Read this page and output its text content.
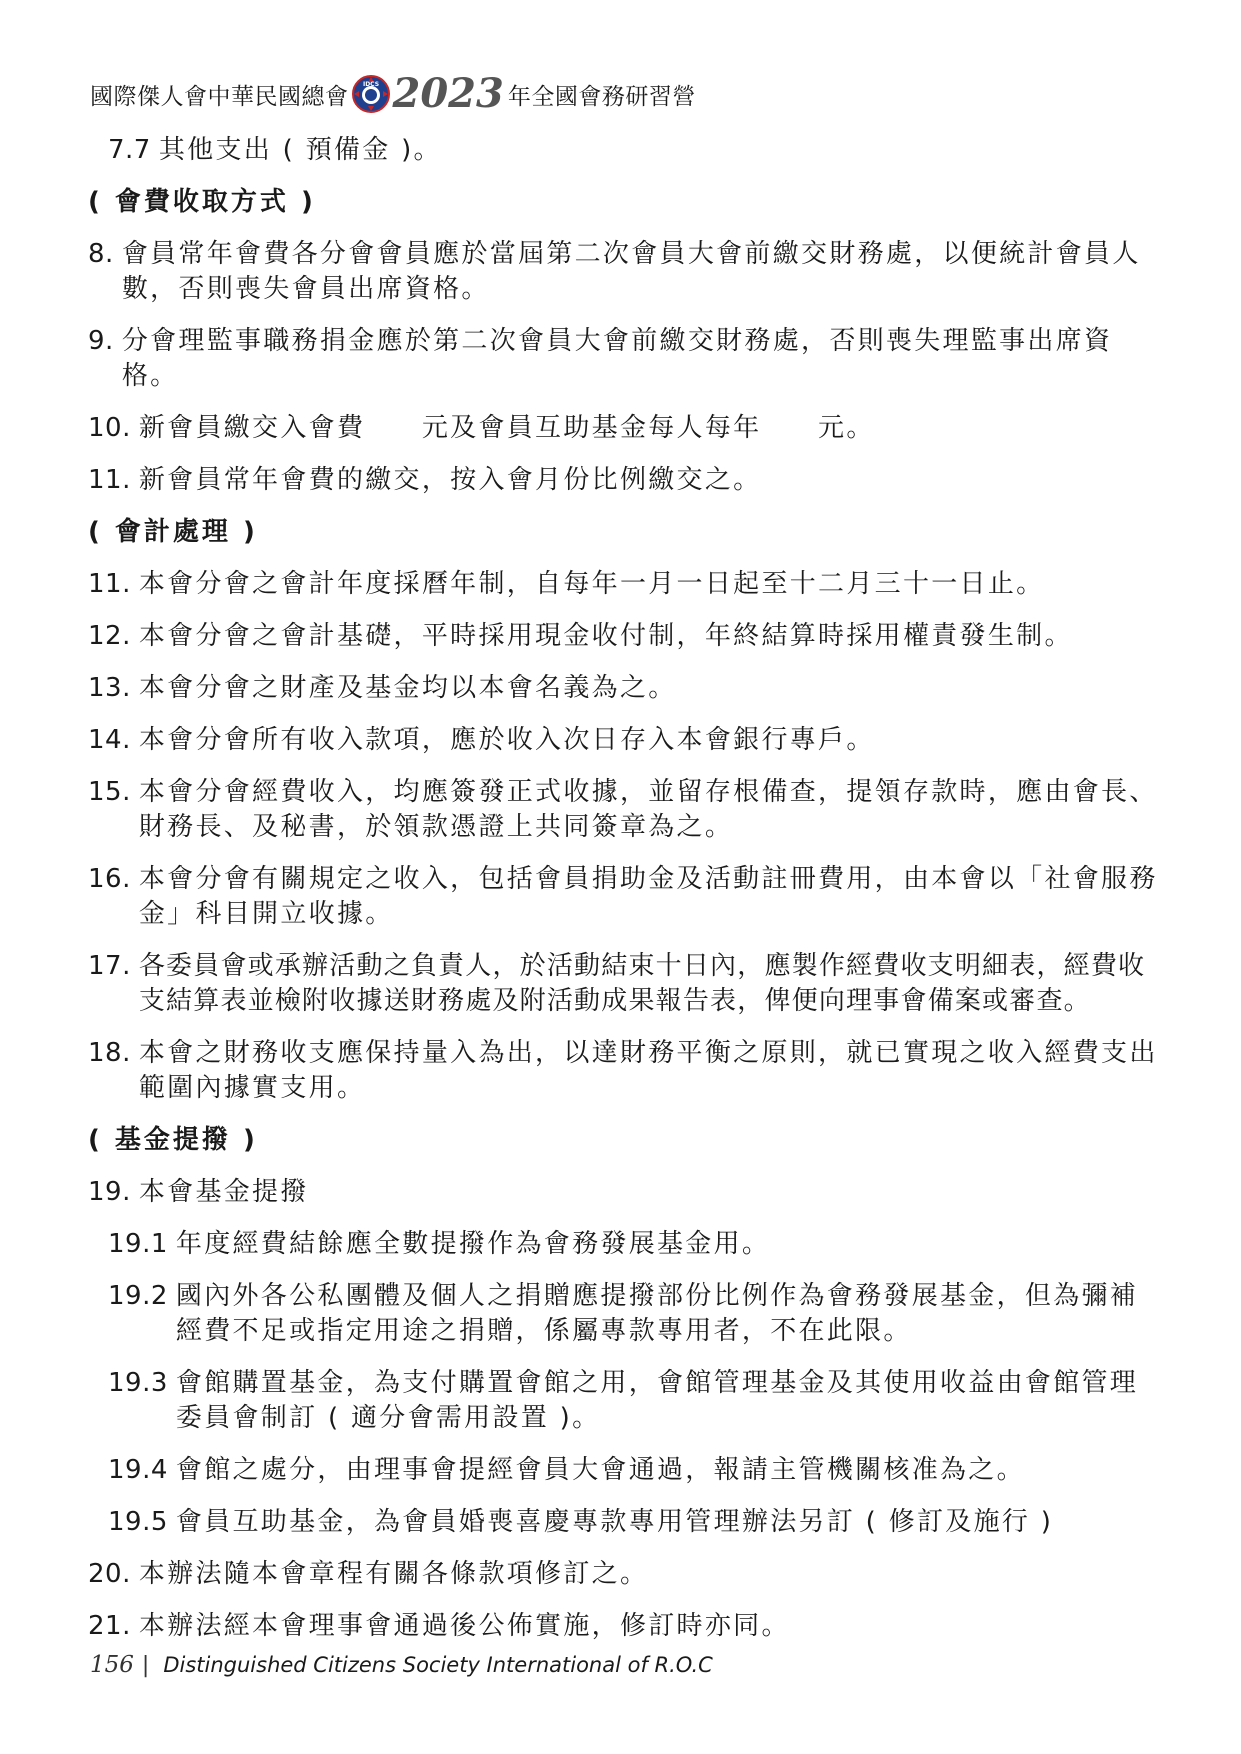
國際傑人會中華民國總會 IDCS 2023 年全國會務研習營
7.7 其他支出 ( 預備金 )。
( 會費收取方式 )
8. 會員常年會費各分會會員應於當屆第二次會員大會前繳交財務處，以便統計會員人數，否則喪失會員出席資格。
9. 分會理監事職務捐金應於第二次會員大會前繳交財務處，否則喪失理監事出席資格。
10. 新會員繳交入會費　　元及會員互助基金每人每年　　元。
11. 新會員常年會費的繳交，按入會月份比例繳交之。
( 會計處理 )
11. 本會分會之會計年度採曆年制，自每年一月一日起至十二月三十一日止。
12. 本會分會之會計基礎，平時採用現金收付制，年終結算時採用權責發生制。
13. 本會分會之財產及基金均以本會名義為之。
14. 本會分會所有收入款項，應於收入次日存入本會銀行專戶。
15. 本會分會經費收入，均應簽發正式收據，並留存根備查，提領存款時，應由會長、財務長、及秘書，於領款憑證上共同簽章為之。
16. 本會分會有關規定之收入，包括會員捐助金及活動註冊費用，由本會以「社會服務金」科目開立收據。
17. 各委員會或承辦活動之負責人，於活動結束十日內，應製作經費收支明細表，經費收支結算表並檢附收據送財務處及附活動成果報告表，俾便向理事會備案或審查。
18. 本會之財務收支應保持量入為出，以達財務平衡之原則，就已實現之收入經費支出範圍內據實支用。
( 基金提撥 )
19. 本會基金提撥
19.1 年度經費結餘應全數提撥作為會務發展基金用。
19.2 國內外各公私團體及個人之捐贈應提撥部份比例作為會務發展基金，但為彌補經費不足或指定用途之捐贈，係屬專款專用者，不在此限。
19.3 會館購置基金，為支付購置會館之用，會館管理基金及其使用收益由會館管理委員會制訂 ( 適分會需用設置 )。
19.4 會館之處分，由理事會提經會員大會通過，報請主管機關核准為之。
19.5 會員互助基金，為會員婚喪喜慶專款專用管理辦法另訂 ( 修訂及施行 )
20. 本辦法隨本會章程有關各條款項修訂之。
21. 本辦法經本會理事會通過後公佈實施，修訂時亦同。
156 | Distinguished Citizens Society International of R.O.C
